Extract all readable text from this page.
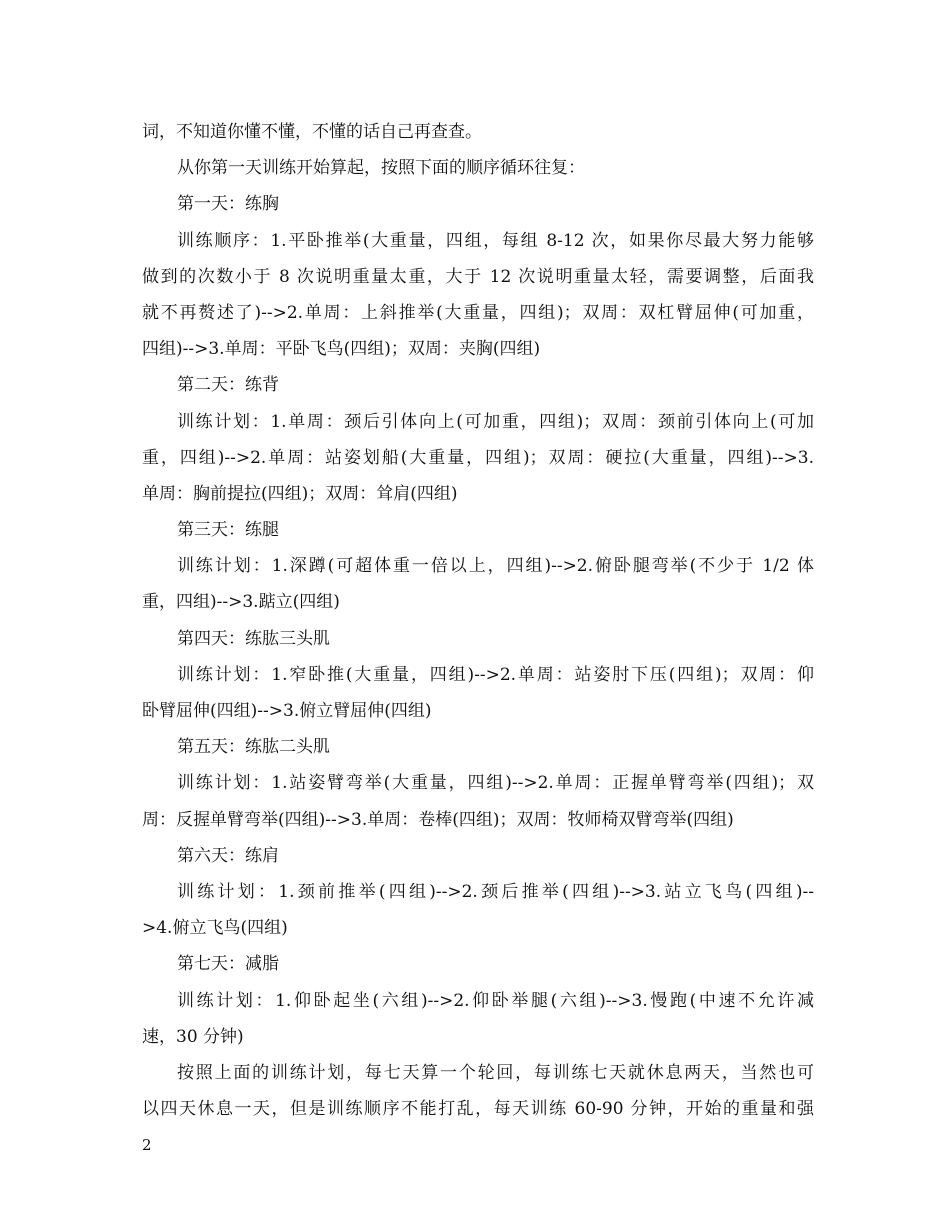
词，不知道你懂不懂，不懂的话自己再查查。
从你第一天训练开始算起，按照下面的顺序循环往复：
第一天：练胸
训练顺序：1.平卧推举(大重量，四组，每组 8-12 次，如果你尽最大努力能够
做到的次数小于 8 次说明重量太重，大于 12 次说明重量太轻，需要调整，后面我
就不再赘述了)-->2.单周：上斜推举(大重量，四组)；双周：双杠臂屈伸(可加重，
四组)-->3.单周：平卧飞鸟(四组)；双周：夹胸(四组)
第二天：练背
训练计划：1.单周：颈后引体向上(可加重，四组)；双周：颈前引体向上(可加
重，四组)-->2.单周：站姿划船(大重量，四组)；双周：硬拉(大重量，四组)-->3.
单周：胸前提拉(四组)；双周：耸肩(四组)
第三天：练腿
训练计划：1.深蹲(可超体重一倍以上，四组)-->2.俯卧腿弯举(不少于 1/2 体
重，四组)-->3.踮立(四组)
第四天：练肱三头肌
训练计划：1.窄卧推(大重量，四组)-->2.单周：站姿肘下压(四组)；双周：仰
卧臂屈伸(四组)-->3.俯立臂屈伸(四组)
第五天：练肱二头肌
训练计划：1.站姿臂弯举(大重量，四组)-->2.单周：正握单臂弯举(四组)；双
周：反握单臂弯举(四组)-->3.单周：卷棒(四组)；双周：牧师椅双臂弯举(四组)
第六天：练肩
训练计划：1.颈前推举(四组)-->2.颈后推举(四组)-->3.站立飞鸟(四组)--
>4.俯立飞鸟(四组)
第七天：减脂
训练计划：1.仰卧起坐(六组)-->2.仰卧举腿(六组)-->3.慢跑(中速不允许减
速，30 分钟)
按照上面的训练计划，每七天算一个轮回，每训练七天就休息两天，当然也可
以四天休息一天，但是训练顺序不能打乱，每天训练 60-90 分钟，开始的重量和强
2
